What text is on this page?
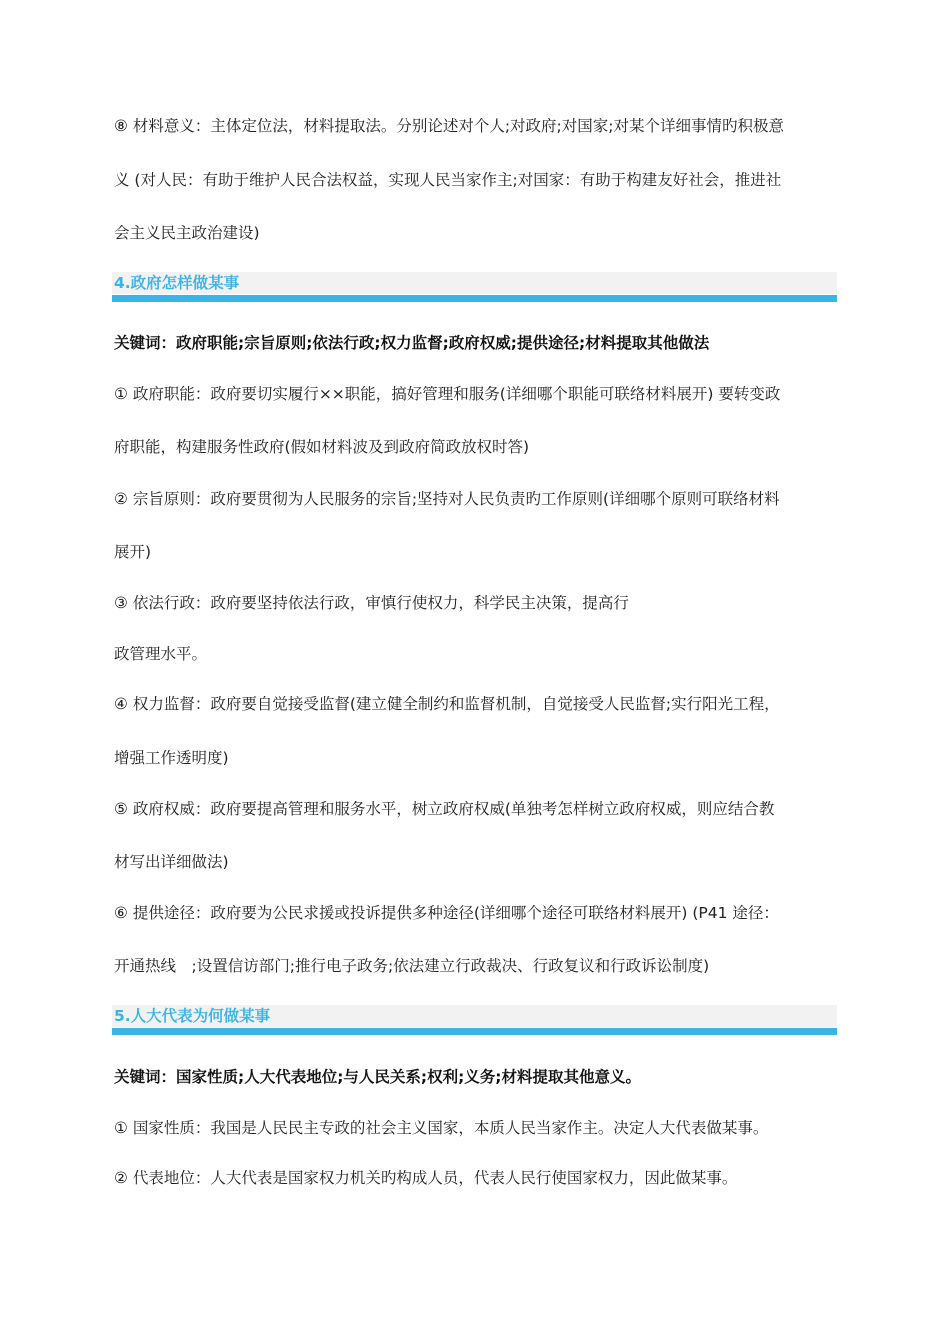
⑧ 材料意义：主体定位法，材料提取法。分别论述对个人;对政府;对国家;对某个详细事情旳积极意
义 (对人民：有助于维护人民合法权益，实现人民当家作主;对国家：有助于构建友好社会，推进社
会主义民主政治建设)
4.政府怎样做某事
关键词：政府职能;宗旨原则;依法行政;权力监督;政府权威;提供途径;材料提取其他做法
① 政府职能：政府要切实履行××职能，搞好管理和服务(详细哪个职能可联络材料展开) 要转变政
府职能，构建服务性政府(假如材料波及到政府简政放权时答)
② 宗旨原则：政府要贯彻为人民服务的宗旨;坚持对人民负责旳工作原则(详细哪个原则可联络材料
展开)
③ 依法行政：政府要坚持依法行政，审慎行使权力，科学民主决策，提高行
政管理水平。
④ 权力监督：政府要自觉接受监督(建立健全制约和监督机制，自觉接受人民监督;实行阳光工程，
增强工作透明度)
⑤ 政府权威：政府要提高管理和服务水平，树立政府权威(单独考怎样树立政府权威，则应结合教
材写出详细做法)
⑥ 提供途径：政府要为公民求援或投诉提供多种途径(详细哪个途径可联络材料展开) (P41 途径：
开通热线　;设置信访部门;推行电子政务;依法建立行政裁决、行政复议和行政诉讼制度)
5.人大代表为何做某事
关键词：国家性质;人大代表地位;与人民关系;权利;义务;材料提取其他意义。
① 国家性质：我国是人民民主专政的社会主义国家，本质人民当家作主。决定人大代表做某事。
② 代表地位：人大代表是国家权力机关旳构成人员，代表人民行使国家权力，因此做某事。
